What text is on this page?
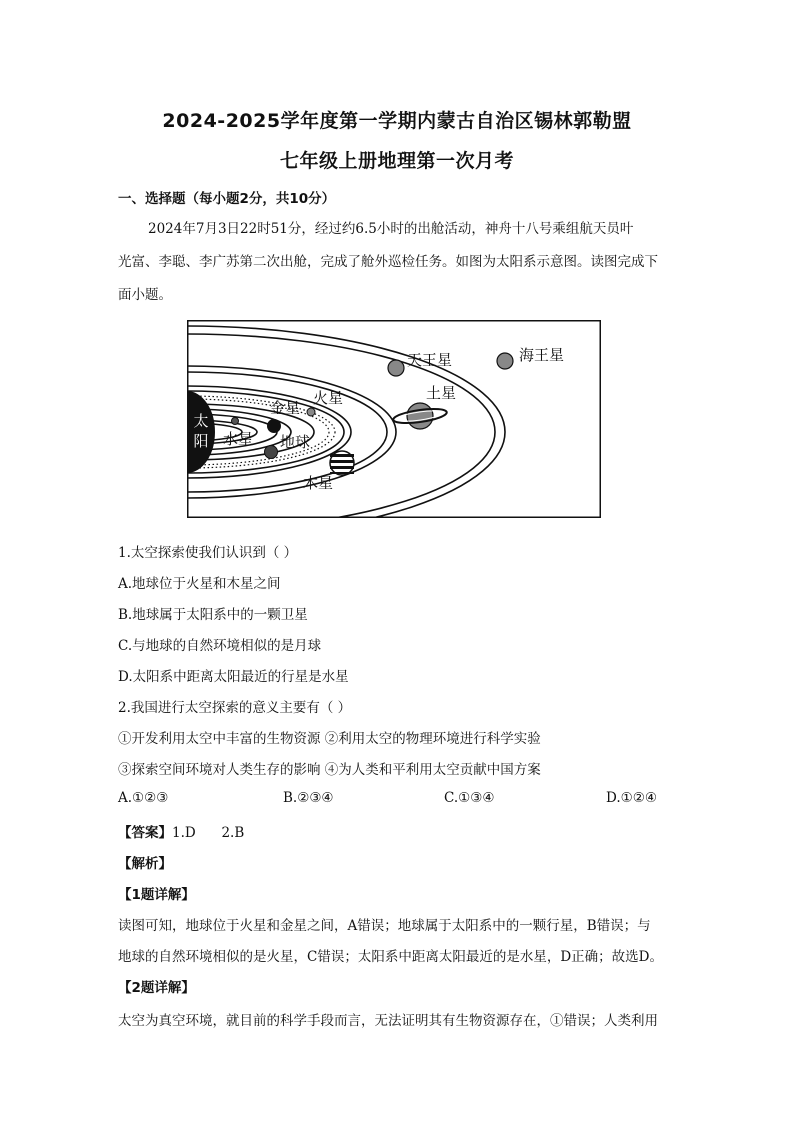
2024-2025学年度第一学期内蒙古自治区锡林郭勒盟
七年级上册地理第一次月考
一、选择题（每小题2分，共10分）
2024年7月3日22时51分，经过约6.5小时的出舱活动，神舟十八号乘组航天员叶
光富、李聪、李广苏第二次出舱，完成了舱外巡检任务。如图为太阳系示意图。读图完成下
面小题。
太
阳 水星
金星
地球
火星
木星
土星
天王星	海王星
1.太空探索使我们认识到（ ）
A.地球位于火星和木星之间
B.地球属于太阳系中的一颗卫星
C.与地球的自然环境相似的是月球
D.太阳系中距离太阳最近的行星是水星
2.我国进行太空探索的意义主要有（ ）
①开发利用太空中丰富的生物资源 ②利用太空的物理环境进行科学实验
③探索空间环境对人类生存的影响 ④为人类和平利用太空贡献中国方案
A.①②③	B.②③④	C.①③④	D.①②④
【答案】1.D      2.B
【解析】
【1题详解】
读图可知，地球位于火星和金星之间，A错误；地球属于太阳系中的一颗行星，B错误；与
地球的自然环境相似的是火星，C错误；太阳系中距离太阳最近的是水星，D正确；故选D。
【2题详解】
太空为真空环境，就目前的科学手段而言，无法证明其有生物资源存在，①错误；人类利用
